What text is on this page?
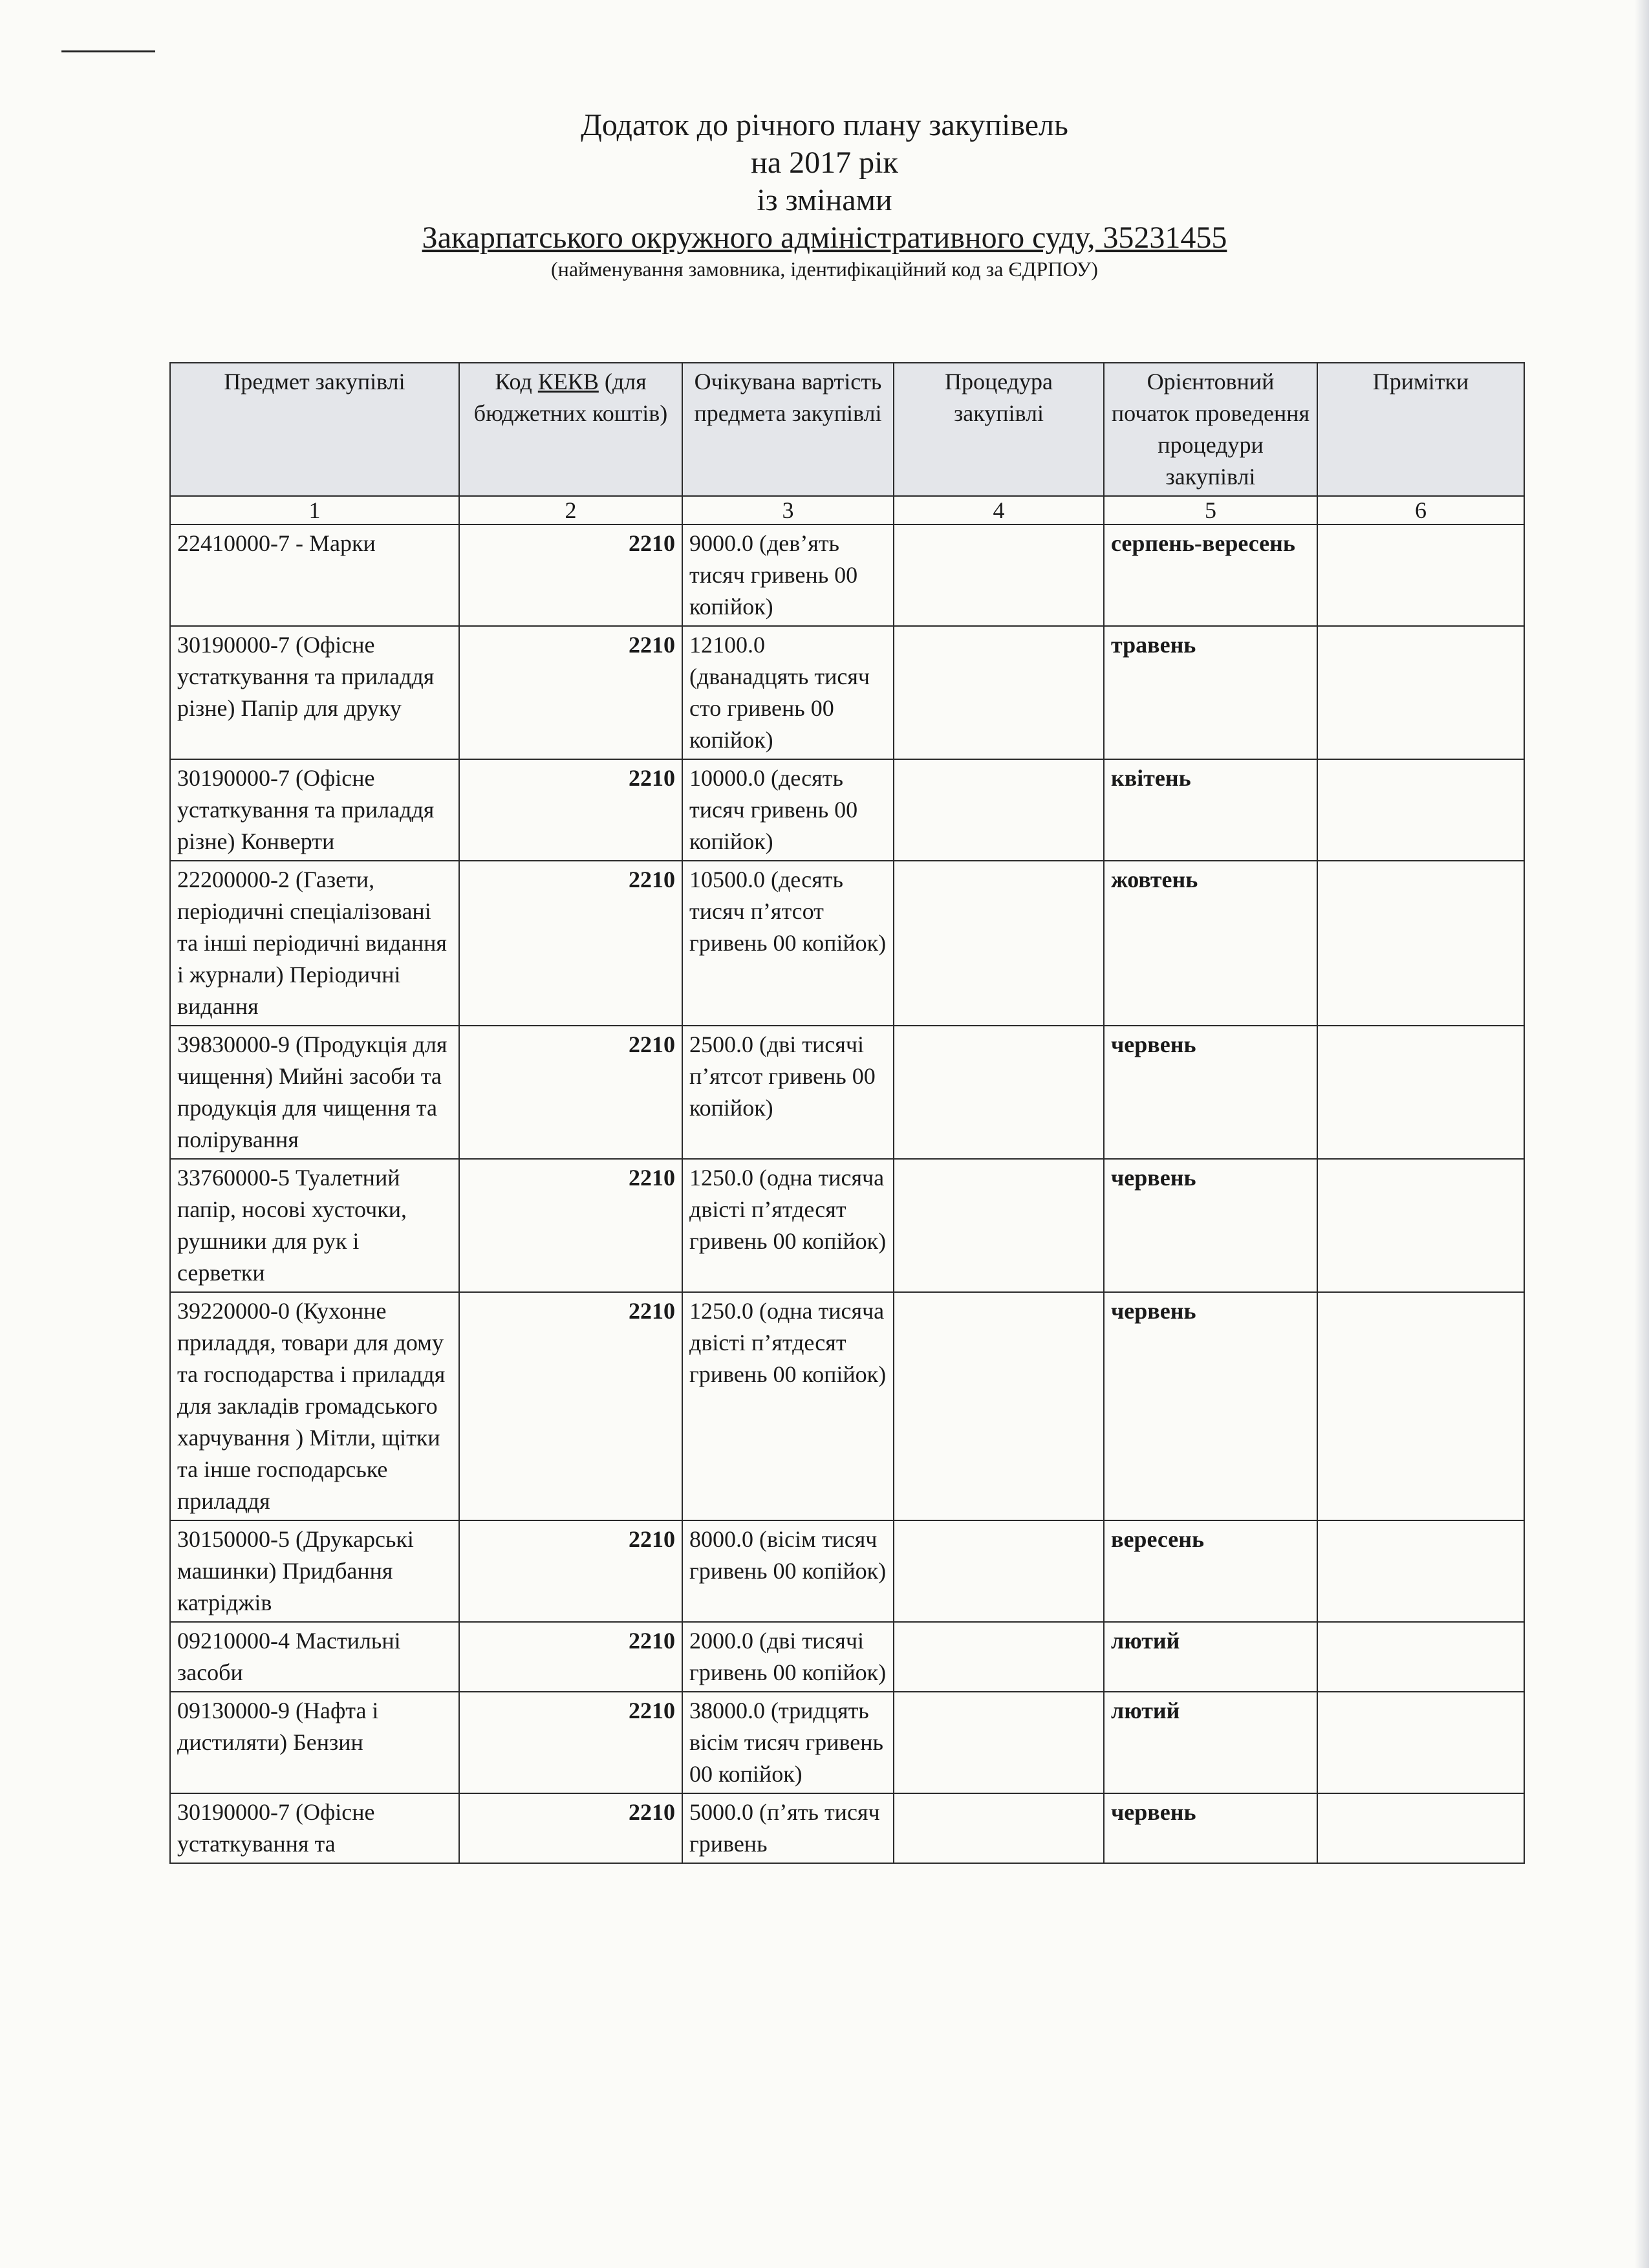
Додаток до річного плану закупівель
на 2017 рік
із змінами
Закарпатського окружного адміністративного суду, 35231455
(найменування замовника, ідентифікаційний код за ЄДРПОУ)
Предмет закупівлі	Код КЕКВ (для бюджетних коштів)	Очікувана вартість предмета закупівлі	Процедура закупівлі	Орієнтовний початок проведення процедури закупівлі	Примітки
1	2	3	4	5	6
22410000-7 - Марки	2210	9000.0 (дев’ять тисяч гривень 00 копійок)		серпень-вересень	
30190000-7 (Офісне устаткування та приладдя різне) Папір для друку	2210	12100.0 (дванадцять тисяч сто гривень 00 копійок)		травень	
30190000-7 (Офісне устаткування та приладдя різне) Конверти	2210	10000.0 (десять тисяч гривень 00 копійок)		квітень	
22200000-2 (Газети, періодичні спеціалізовані та інші періодичні видання і журнали) Періодичні видання	2210	10500.0 (десять тисяч п’ятсот гривень 00 копійок)		жовтень	
39830000-9 (Продукція для чищення) Мийні засоби та продукція для чищення та полірування	2210	2500.0 (дві тисячі п’ятсот гривень 00 копійок)		червень	
33760000-5 Туалетний папір, носові хусточки, рушники для рук і серветки	2210	1250.0 (одна тисяча двісті п’ятдесят гривень 00 копійок)		червень	
39220000-0 (Кухонне приладдя, товари для дому та господарства і приладдя для закладів громадського харчування ) Мітли, щітки та інше господарське приладдя	2210	1250.0 (одна тисяча двісті п’ятдесят гривень 00 копійок)		червень	
30150000-5 (Друкарські машинки) Придбання катріджів	2210	8000.0 (вісім тисяч гривень 00 копійок)		вересень	
09210000-4 Мастильні засоби	2210	2000.0 (дві тисячі гривень 00 копійок)		лютий	
09130000-9 (Нафта і дистиляти) Бензин	2210	38000.0 (тридцять вісім тисяч гривень 00 копійок)		лютий	
30190000-7 (Офісне устаткування та	2210	5000.0 (п’ять тисяч гривень		червень	
